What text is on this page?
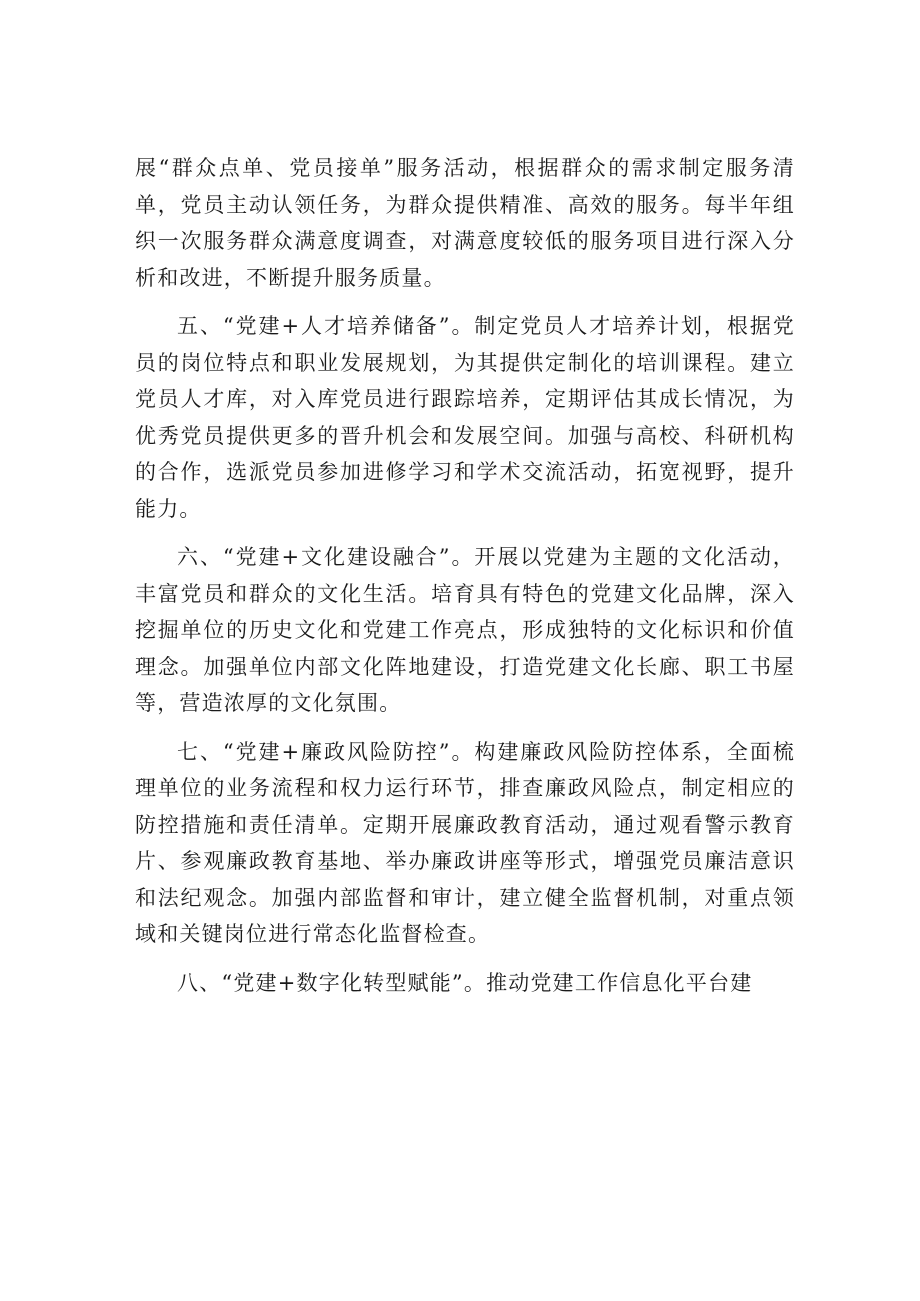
展“群众点单、党员接单”服务活动，根据群众的需求制定服务清单，党员主动认领任务，为群众提供精准、高效的服务。每半年组织一次服务群众满意度调查，对满意度较低的服务项目进行深入分析和改进，不断提升服务质量。

五、“党建+人才培养储备”。制定党员人才培养计划，根据党员的岗位特点和职业发展规划，为其提供定制化的培训课程。建立党员人才库，对入库党员进行跟踪培养，定期评估其成长情况，为优秀党员提供更多的晋升机会和发展空间。加强与高校、科研机构的合作，选派党员参加进修学习和学术交流活动，拓宽视野，提升能力。

六、“党建+文化建设融合”。开展以党建为主题的文化活动，丰富党员和群众的文化生活。培育具有特色的党建文化品牌，深入挖掘单位的历史文化和党建工作亮点，形成独特的文化标识和价值理念。加强单位内部文化阵地建设，打造党建文化长廊、职工书屋等，营造浓厚的文化氛围。

七、“党建+廉政风险防控”。构建廉政风险防控体系，全面梳理单位的业务流程和权力运行环节，排查廉政风险点，制定相应的防控措施和责任清单。定期开展廉政教育活动，通过观看警示教育片、参观廉政教育基地、举办廉政讲座等形式，增强党员廉洁意识和法纪观念。加强内部监督和审计，建立健全监督机制，对重点领域和关键岗位进行常态化监督检查。

八、“党建+数字化转型赋能”。推动党建工作信息化平台建
